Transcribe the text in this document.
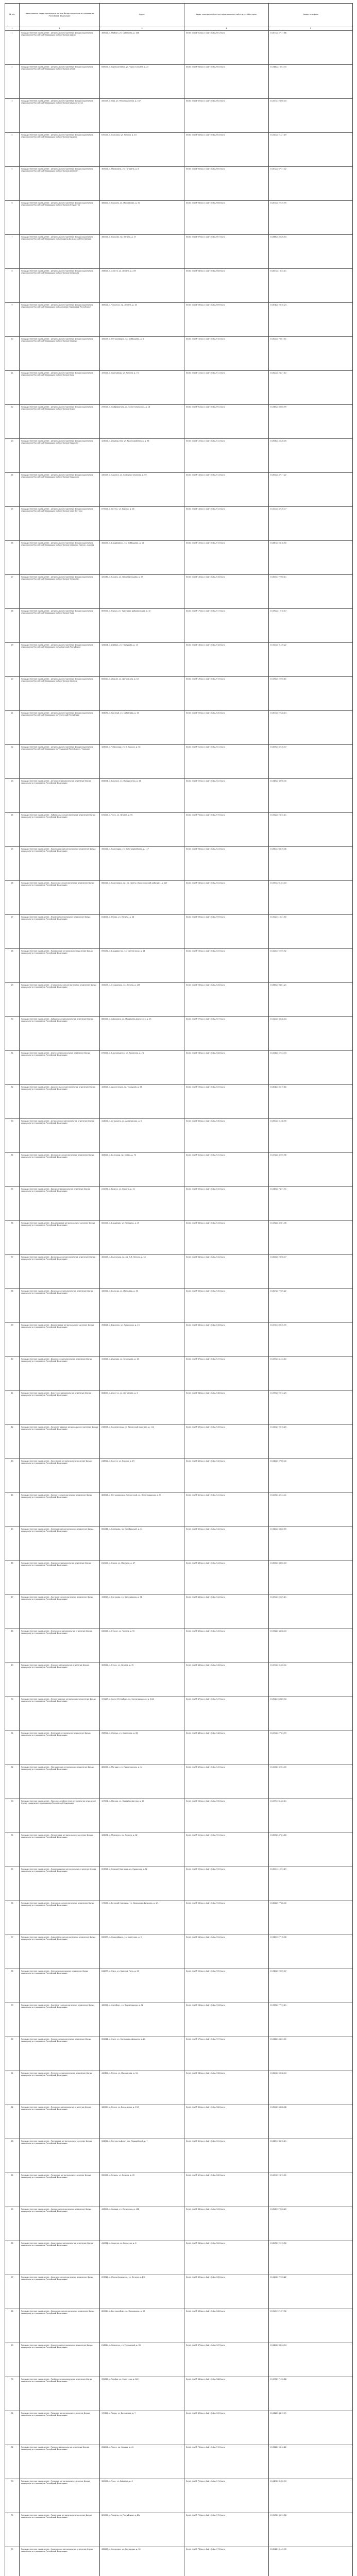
№ п/п	Наименование территориального органа Фонда социального страхования Российской Федерации	Адрес	Адрес электронной почты и официального сайта в сети Интернет	Номер телефона
1	2	3	4	5
1	Государственное учреждение - региональное отделение Фонда социального страхования Российской Федерации по Республике Адыгея	385000, г. Майкоп, ул. Советская, д. 166	Email: info@r01.fss.ru Сайт: http://r01.fss.ru	8 (8772) 57-17-86
2	Государственное учреждение - региональное отделение Фонда социального страхования Российской Федерации по Республике Алтай	649000, г. Горно-Алтайск, ул. Чорос-Гуркина, д. 25	Email: info@r04.fss.ru Сайт: http://r04.fss.ru	8 (38822) 6-53-33
3	Государственное учреждение - региональное отделение Фонда социального страхования Российской Федерации по Республике Башкортостан	450005, г. Уфа, ул. Революционная, д. 167	Email: info@r02.fss.ru Сайт: http://r02.fss.ru	8 (347) 223-00-44
4	Государственное учреждение - региональное отделение Фонда социального страхования Российской Федерации по Республике Бурятия	670000, г. Улан-Удэ, ул. Ленина, д. 43	Email: info@r03.fss.ru Сайт: http://r03.fss.ru	8 (3012) 21-27-19
5	Государственное учреждение - региональное отделение Фонда социального страхования Российской Федерации по Республике Дагестан	367000, г. Махачкала, ул. Гагарина, д. 8	Email: info@r05.fss.ru Сайт: http://r05.fss.ru	8 (8722) 67-37-02
6	Государственное учреждение - региональное отделение Фонда социального страхования Российской Федерации по Республике Ингушетия	386101, г. Назрань, ул. Московская, д. 31	Email: info@r06.fss.ru Сайт: http://r06.fss.ru	8 (8732) 22-35-95
7	Государственное учреждение - региональное отделение Фонда социального страхования Российской Федерации по Кабардино-Балкарской Республике	360000, г. Нальчик, пр. Ленина, д. 27	Email: info@r07.fss.ru Сайт: http://r07.fss.ru	8 (8662) 40-26-54
8	Государственное учреждение - региональное отделение Фонда социального страхования Российской Федерации по Республике Калмыкия	358000, г. Элиста, ул. Ленина, д. 249	Email: info@r08.fss.ru Сайт: http://r08.fss.ru	8 (84722) 3-44-11
9	Государственное учреждение - региональное отделение Фонда социального страхования Российской Федерации по Карачаево-Черкесской Республике	369000, г. Черкесск, пр. Ленина, д. 16	Email: info@r09.fss.ru Сайт: http://r09.fss.ru	8 (8782) 26-30-24
10	Государственное учреждение - региональное отделение Фонда социального страхования Российской Федерации по Республике Карелия	185035, г. Петрозаводск, ул. Куйбышева, д. 8	Email: info@r10.fss.ru Сайт: http://r10.fss.ru	8 (8142) 76-07-51
11	Государственное учреждение - региональное отделение Фонда социального страхования Российской Федерации по Республике Коми	167000, г. Сыктывкар, ул. Ленина, д. 74	Email: info@r11.fss.ru Сайт: http://r11.fss.ru	8 (8212) 28-27-10
12	Государственное учреждение - региональное отделение Фонда социального страхования Российской Федерации по Республике Крым	295000, г. Симферополь, ул. Севастопольская, д. 18	Email: info@r91.fss.ru Сайт: http://r91.fss.ru	8 (3652) 60-00-99
13	Государственное учреждение - региональное отделение Фонда социального страхования Российской Федерации по Республике Марий Эл	424000, г. Йошкар-Ола, ул. Красноармейская, д. 96	Email: info@r12.fss.ru Сайт: http://r12.fss.ru	8 (8362) 45-26-05
14	Государственное учреждение - региональное отделение Фонда социального страхования Российской Федерации по Республике Мордовия	430005, г. Саранск, ул. Коммунистическая, д. 50	Email: info@r13.fss.ru Сайт: http://r13.fss.ru	8 (8342) 47-77-22
15	Государственное учреждение - региональное отделение Фонда социального страхования Российской Федерации по Республике Саха (Якутия)	677000, г. Якутск, ул. Кирова, д. 18	Email: info@r14.fss.ru Сайт: http://r14.fss.ru	8 (4112) 42-30-77
16	Государственное учреждение - региональное отделение Фонда социального страхования Российской Федерации по Республике Северная Осетия - Алания	362040, г. Владикавказ, ул. Куйбышева, д. 14	Email: info@r15.fss.ru Сайт: http://r15.fss.ru	8 (8672) 53-18-50
17	Государственное учреждение - региональное отделение Фонда социального страхования Российской Федерации по Республике Татарстан	420061, г. Казань, ул. Николая Ершова, д. 55	Email: info@r16.fss.ru Сайт: http://r16.fss.ru	8 (843) 272-60-11
18	Государственное учреждение - региональное отделение Фонда социального страхования Российской Федерации по Республике Тыва	667000, г. Кызыл, ул. Тувинских добровольцев, д. 10	Email: info@r17.fss.ru Сайт: http://r17.fss.ru	8 (39422) 2-10-57
19	Государственное учреждение - региональное отделение Фонда социального страхования Российской Федерации по Удмуртской Республике	426008, г. Ижевск, ул. Пастухова, д. 13	Email: info@r18.fss.ru Сайт: http://r18.fss.ru	8 (3412) 91-49-22
20	Государственное учреждение - региональное отделение Фонда социального страхования Российской Федерации по Республике Хакасия	655017, г. Абакан, ул. Щетинкина, д. 18	Email: info@r19.fss.ru Сайт: http://r19.fss.ru	8 (3902) 22-50-81
21	Государственное учреждение - региональное отделение Фонда социального страхования Российской Федерации по Чеченской Республике	364051, г. Грозный, ул. Сайханова, д. 54	Email: info@r20.fss.ru Сайт: http://r20.fss.ru	8 (8712) 22-28-14
22	Государственное учреждение - региональное отделение Фонда социального страхования Российской Федерации по Чувашской Республике - Чувашии	428000, г. Чебоксары, ул. К. Маркса, д. 36	Email: info@r21.fss.ru Сайт: http://r21.fss.ru	8 (8352) 62-36-37
23	Государственное учреждение - Алтайское региональное отделение Фонда социального страхования Российской Федерации	656038, г. Барнаул, ул. Молодежная, д. 34	Email: info@r22.fss.ru Сайт: http://r22.fss.ru	8 (3852) 39-96-30
24	Государственное учреждение - Забайкальское региональное отделение Фонда социального страхования Российской Федерации	672000, г. Чита, ул. Ленина, д. 90	Email: info@r75.fss.ru Сайт: http://r75.fss.ru	8 (3022) 26-35-11
25	Государственное учреждение - Краснодарское региональное отделение Фонда социального страхования Российской Федерации	350000, г. Краснодар, ул. Красноармейская, д. 117	Email: info@r23.fss.ru Сайт: http://r23.fss.ru	8 (861) 268-39-46
26	Государственное учреждение - Красноярское региональное отделение Фонда социального страхования Российской Федерации	660010, г. Красноярск, пр. им. газеты «Красноярский рабочий», д. 117	Email: info@r24.fss.ru Сайт: http://r24.fss.ru	8 (391) 201-03-03
27	Государственное учреждение - Пермское региональное отделение Фонда социального страхования Российской Федерации	614000, г. Пермь, ул. Ленина, д. 48	Email: info@r59.fss.ru Сайт: http://r59.fss.ru	8 (342) 210-41-50
28	Государственное учреждение - Приморское региональное отделение Фонда социального страхования Российской Федерации	690091, г. Владивосток, ул. Светланская, д. 14	Email: info@r25.fss.ru Сайт: http://r25.fss.ru	8 (423) 222-55-92
29	Государственное учреждение - Ставропольское региональное отделение Фонда социального страхования Российской Федерации	355035, г. Ставрополь, ул. Ленина, д. 205	Email: info@r26.fss.ru Сайт: http://r26.fss.ru	8 (8652) 94-01-21
30	Государственное учреждение - Хабаровское региональное отделение Фонда социального страхования Российской Федерации	680000, г. Хабаровск, ул. Муравьева-Амурского, д. 15	Email: info@r27.fss.ru Сайт: http://r27.fss.ru	8 (4212) 30-48-04
31	Государственное учреждение - Амурское региональное отделение Фонда социального страхования Российской Федерации	675000, г. Благовещенск, ул. Калинина, д. 24	Email: info@r28.fss.ru Сайт: http://r28.fss.ru	8 (4162) 52-43-33
32	Государственное учреждение - Архангельское региональное отделение Фонда социального страхования Российской Федерации	163000, г. Архангельск, пр. Троицкий, д. 58	Email: info@r29.fss.ru Сайт: http://r29.fss.ru	8 (8182) 65-19-60
33	Государственное учреждение - Астраханское региональное отделение Фонда социального страхования Российской Федерации	414000, г. Астрахань, ул. Ахматовская, д. 6	Email: info@r30.fss.ru Сайт: http://r30.fss.ru	8 (8512) 51-48-95
34	Государственное учреждение - Белгородское региональное отделение Фонда социального страхования Российской Федерации	308000, г. Белгород, пр. Славы, д. 72	Email: info@r31.fss.ru Сайт: http://r31.fss.ru	8 (4722) 32-55-96
35	Государственное учреждение - Брянское региональное отделение Фонда социального страхования Российской Федерации	241050, г. Брянск, ул. Фокина, д. 31	Email: info@r32.fss.ru Сайт: http://r32.fss.ru	8 (4832) 74-37-91
36	Государственное учреждение - Владимирское региональное отделение Фонда социального страхования Российской Федерации	600000, г. Владимир, ул. Гагарина, д. 19	Email: info@r33.fss.ru Сайт: http://r33.fss.ru	8 (4922) 32-61-78
37	Государственное учреждение - Волгоградское региональное отделение Фонда социального страхования Российской Федерации	400005, г. Волгоград, пр. им. В.И. Ленина, д. 54	Email: info@r34.fss.ru Сайт: http://r34.fss.ru	8 (8442) 23-56-77
38	Государственное учреждение - Вологодское региональное отделение Фонда социального страхования Российской Федерации	160001, г. Вологда, ул. Мальцева, д. 50	Email: info@r35.fss.ru Сайт: http://r35.fss.ru	8 (8172) 72-05-22
39	Государственное учреждение - Воронежское региональное отделение Фонда социального страхования Российской Федерации	394006, г. Воронеж, ул. Куколкина, д. 13	Email: info@r36.fss.ru Сайт: http://r36.fss.ru	8 (473) 269-35-95
40	Государственное учреждение - Ивановское региональное отделение Фонда социального страхования Российской Федерации	153000, г. Иваново, ул. Кузнецова, д. 16	Email: info@r37.fss.ru Сайт: http://r37.fss.ru	8 (4932) 41-44-10
41	Государственное учреждение - Иркутское региональное отделение Фонда социального страхования Российской Федерации	664003, г. Иркутск, ул. Литвинова, д. 3	Email: info@r38.fss.ru Сайт: http://r38.fss.ru	8 (3952) 20-14-25
42	Государственное учреждение - Калининградское региональное отделение Фонда социального страхования Российской Федерации	236006, г. Калининград, ул. Ленинский проспект, д. 112	Email: info@r39.fss.ru Сайт: http://r39.fss.ru	8 (4012) 99-76-20
43	Государственное учреждение - Калужское региональное отделение Фонда социального страхования Российской Федерации	248001, г. Калуга, ул. Кирова, д. 19	Email: info@r40.fss.ru Сайт: http://r40.fss.ru	8 (4842) 57-66-40
44	Государственное учреждение - Камчатское региональное отделение Фонда социального страхования Российской Федерации	683006, г. Петропавловск-Камчатский, ул. Ленинградская, д. 33	Email: info@r41.fss.ru Сайт: http://r41.fss.ru	8 (4152) 42-44-41
45	Государственное учреждение - Кемеровское региональное отделение Фонда социального страхования Российской Федерации	650066, г. Кемерово, пр. Октябрьский, д. 34	Email: info@r42.fss.ru Сайт: http://r42.fss.ru	8 (3842) 58-60-55
46	Государственное учреждение - Кировское региональное отделение Фонда социального страхования Российской Федерации	610000, г. Киров, ул. Маклина, д. 47	Email: info@r43.fss.ru Сайт: http://r43.fss.ru	8 (8332) 38-60-03
47	Государственное учреждение - Костромское региональное отделение Фонда социального страхования Российской Федерации	156013, г. Кострома, ул. Калиновская, д. 38	Email: info@r44.fss.ru Сайт: http://r44.fss.ru	8 (4942) 55-25-11
48	Государственное учреждение - Курганское региональное отделение Фонда социального страхования Российской Федерации	640000, г. Курган, ул. Томина, д. 55	Email: info@r45.fss.ru Сайт: http://r45.fss.ru	8 (3522) 46-58-43
49	Государственное учреждение - Курское региональное отделение Фонда социального страхования Российской Федерации	305000, г. Курск, ул. Ленина, д. 70	Email: info@r46.fss.ru Сайт: http://r46.fss.ru	8 (4712) 51-20-41
50	Государственное учреждение - Ленинградское региональное отделение Фонда социального страхования Российской Федерации	191119, г. Санкт-Петербург, ул. Звенигородская, д. 2/44	Email: info@r47.fss.ru Сайт: http://r47.fss.ru	8 (812) 303-89-34
51	Государственное учреждение - Липецкое региональное отделение Фонда социального страхования Российской Федерации	398001, г. Липецк, ул. Советская, д. 66	Email: info@r48.fss.ru Сайт: http://r48.fss.ru	8 (4742) 27-23-59
52	Государственное учреждение - Магаданское региональное отделение Фонда социального страхования Российской Федерации	685000, г. Магадан, ул. Пролетарская, д. 14	Email: info@r49.fss.ru Сайт: http://r49.fss.ru	8 (4132) 62-54-05
53	Государственное учреждение - Московское областное региональное отделение Фонда социального страхования Российской Федерации	107078, г. Москва, ул. Новая Басманная, д. 23	Email: info@r50.fss.ru Сайт: http://r50.fss.ru	8 (499) 261-22-11
54	Государственное учреждение - Мурманское региональное отделение Фонда социального страхования Российской Федерации	183038, г. Мурманск, пр. Ленина, д. 82	Email: info@r51.fss.ru Сайт: http://r51.fss.ru	8 (8152) 47-24-18
55	Государственное учреждение - Нижегородское региональное отделение Фонда социального страхования Российской Федерации	603006, г. Нижний Новгород, ул. Ошарская, д. 52	Email: info@r52.fss.ru Сайт: http://r52.fss.ru	8 (831) 419-93-19
56	Государственное учреждение - Новгородское региональное отделение Фонда социального страхования Российской Федерации	173000, г. Великий Новгород, ул. Мерецкова-Волосова, д. 1/1	Email: info@r53.fss.ru Сайт: http://r53.fss.ru	8 (8162) 77-62-00
57	Государственное учреждение - Новосибирское региональное отделение Фонда социального страхования Российской Федерации	630099, г. Новосибирск, ул. Советская, д. 5	Email: info@r54.fss.ru Сайт: http://r54.fss.ru	8 (383) 227-76-36
58	Государственное учреждение - Омское региональное отделение Фонда социального страхования Российской Федерации	644099, г. Омск, ул. Красный Путь, д. 20	Email: info@r55.fss.ru Сайт: http://r55.fss.ru	8 (3812) 20-95-07
59	Государственное учреждение - Оренбургское региональное отделение Фонда социального страхования Российской Федерации	460000, г. Оренбург, ул. Пролетарская, д. 32	Email: info@r56.fss.ru Сайт: http://r56.fss.ru	8 (3532) 77-73-11
60	Государственное учреждение - Орловское региональное отделение Фонда социального страхования Российской Федерации	302028, г. Орел, ул. Салтыкова-Щедрина, д. 21	Email: info@r57.fss.ru Сайт: http://r57.fss.ru	8 (4862) 43-23-01
61	Государственное учреждение - Пензенское региональное отделение Фонда социального страхования Российской Федерации	440600, г. Пенза, ул. Московская, д. 34	Email: info@r58.fss.ru Сайт: http://r58.fss.ru	8 (8412) 56-48-43
62	Государственное учреждение - Псковское региональное отделение Фонда социального страхования Российской Федерации	180004, г. Псков, ул. Вокзальная, д. 15/3	Email: info@r60.fss.ru Сайт: http://r60.fss.ru	8 (8112) 68-08-08
63	Государственное учреждение - Ростовское региональное отделение Фонда социального страхования Российской Федерации	344011, г. Ростов-на-Дону, пер. Гвардейский, д. 7	Email: info@r61.fss.ru Сайт: http://r61.fss.ru	8 (863) 263-12-11
64	Государственное учреждение - Рязанское региональное отделение Фонда социального страхования Российской Федерации	390000, г. Рязань, ул. Ленина, д. 49	Email: info@r62.fss.ru Сайт: http://r62.fss.ru	8 (4912) 28-72-01
65	Государственное учреждение - Самарское региональное отделение Фонда социального страхования Российской Федерации	443041, г. Самара, ул. Ленинская, д. 168	Email: info@r63.fss.ru Сайт: http://r63.fss.ru	8 (846) 279-06-20
66	Государственное учреждение - Саратовское региональное отделение Фонда социального страхования Российской Федерации	410012, г. Саратов, ул. Вольская, д. 6	Email: info@r64.fss.ru Сайт: http://r64.fss.ru	8 (8452) 22-70-50
67	Государственное учреждение - Сахалинское региональное отделение Фонда социального страхования Российской Федерации	693020, г. Южно-Сахалинск, ул. Ленина, д. 216	Email: info@r65.fss.ru Сайт: http://r65.fss.ru	8 (4242) 72-36-22
68	Государственное учреждение - Свердловское региональное отделение Фонда социального страхования Российской Федерации	620014, г. Екатеринбург, ул. Московская, д. 29	Email: info@r66.fss.ru Сайт: http://r66.fss.ru	8 (343) 371-57-56
69	Государственное учреждение - Смоленское региональное отделение Фонда социального страхования Российской Федерации	214014, г. Смоленск, ул. Тенишевой, д. 33	Email: info@r67.fss.ru Сайт: http://r67.fss.ru	8 (4812) 38-43-54
70	Государственное учреждение - Тамбовское региональное отделение Фонда социального страхования Российской Федерации	392000, г. Тамбов, ул. Советская, д. 122	Email: info@r68.fss.ru Сайт: http://r68.fss.ru	8 (4752) 71-32-86
71	Государственное учреждение - Тверское региональное отделение Фонда социального страхования Российской Федерации	170100, г. Тверь, ул. Вагжанова, д. 7	Email: info@r69.fss.ru Сайт: http://r69.fss.ru	8 (4822) 34-19-71
72	Государственное учреждение - Томское региональное отделение Фонда социального страхования Российской Федерации	634041, г. Томск, пр. Кирова, д. 41	Email: info@r70.fss.ru Сайт: http://r70.fss.ru	8 (3822) 56-10-22
73	Государственное учреждение - Тульское региональное отделение Фонда социального страхования Российской Федерации	300041, г. Тула, ул. Сойфера, д. 6	Email: info@r71.fss.ru Сайт: http://r71.fss.ru	8 (4872) 31-65-93
74	Государственное учреждение - Тюменское региональное отделение Фонда социального страхования Российской Федерации	625000, г. Тюмень, ул. Республики, д. 83а	Email: info@r72.fss.ru Сайт: http://r72.fss.ru	8 (3452) 39-13-58
75	Государственное учреждение - Ульяновское региональное отделение Фонда социального страхования Российской Федерации	432063, г. Ульяновск, ул. Гончарова, д. 36	Email: info@r73.fss.ru Сайт: http://r73.fss.ru	8 (8422) 41-49-35
